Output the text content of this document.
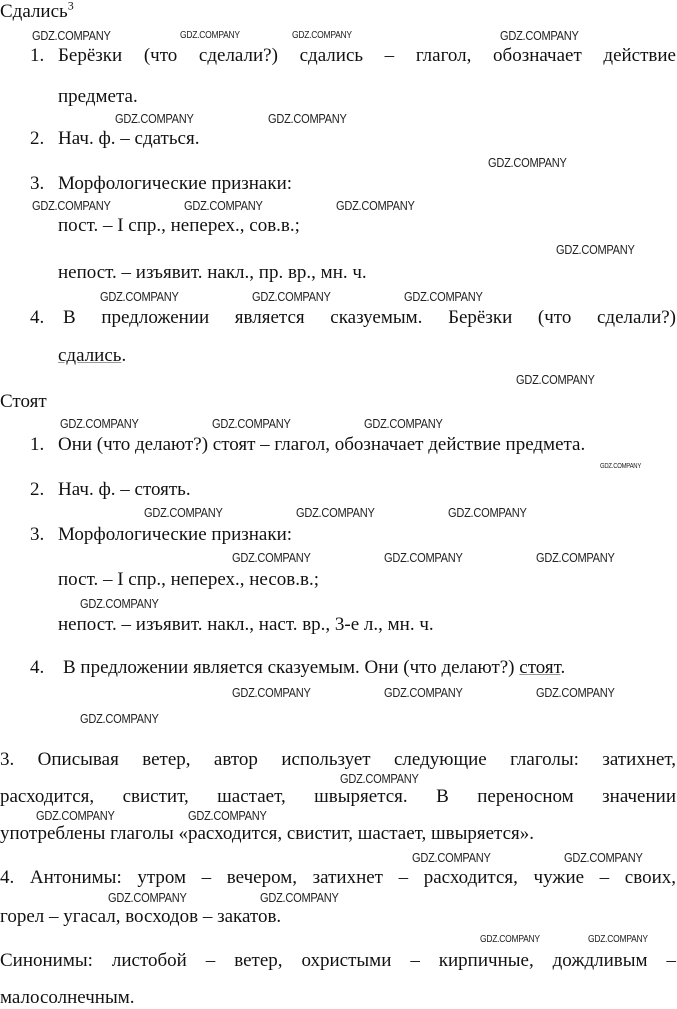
Сдались$^3$
1. Берёзки (что сделали?) сдались – глагол, обозначает действие
предмета.
2. Нач. ф. – сдаться.
3. Морфологические признаки:
пост. – I спр., неперех., сов.в.;
непост. – изъявит. накл., пр. вр., мн. ч.
4. В предложении является сказуемым. Берёзки (что сделали?)
сдались.
Стоят
1. Они (что делают?) стоят – глагол, обозначает действие предмета.
2. Нач. ф. – стоять.
3. Морфологические признаки:
пост. – I спр., неперех., несов.в.;
непост. – изъявит. накл., наст. вр., 3-е л., мн. ч.
4. В предложении является сказуемым. Они (что делают?) стоят.
3. Описывая ветер, автор использует следующие глаголы: затихнет,
расходится, свистит, шастает, швыряется. В переносном значении
употреблены глаголы «расходится, свистит, шастает, швыряется».
4. Антонимы: утром – вечером, затихнет – расходится, чужие – своих,
горел – угасал, восходов – закатов.
Синонимы: листобой – ветер, охристыми – кирпичные, дождливым –
малосолнечным.
GDZ.COMPANY	GDZ.COMPANY	GDZ.COMPANY	GDZ.COMPANY
GDZ.COMPANY	GDZ.COMPANY
GDZ.COMPANY
GDZ.COMPANY	GDZ.COMPANY	GDZ.COMPANY
GDZ.COMPANY
GDZ.COMPANY	GDZ.COMPANY	GDZ.COMPANY
GDZ.COMPANY
GDZ.COMPANY	GDZ.COMPANY	GDZ.COMPANY
GDZ.COMPANY
GDZ.COMPANY	GDZ.COMPANY	GDZ.COMPANY
GDZ.COMPANY	GDZ.COMPANY
GDZ.COMPANY
GDZ.COMPANY
GDZ.COMPANY
GDZ.COMPANY	GDZ.COMPANY
GDZ.COMPANY
GDZ.COMPANY
GDZ.COMPANY	GDZ.COMPANY
GDZ.COMPANY	GDZ.COMPANY
GDZ.COMPANY	GDZ.COMPANY
GDZ.COMPANY	GDZ.COMPANY
